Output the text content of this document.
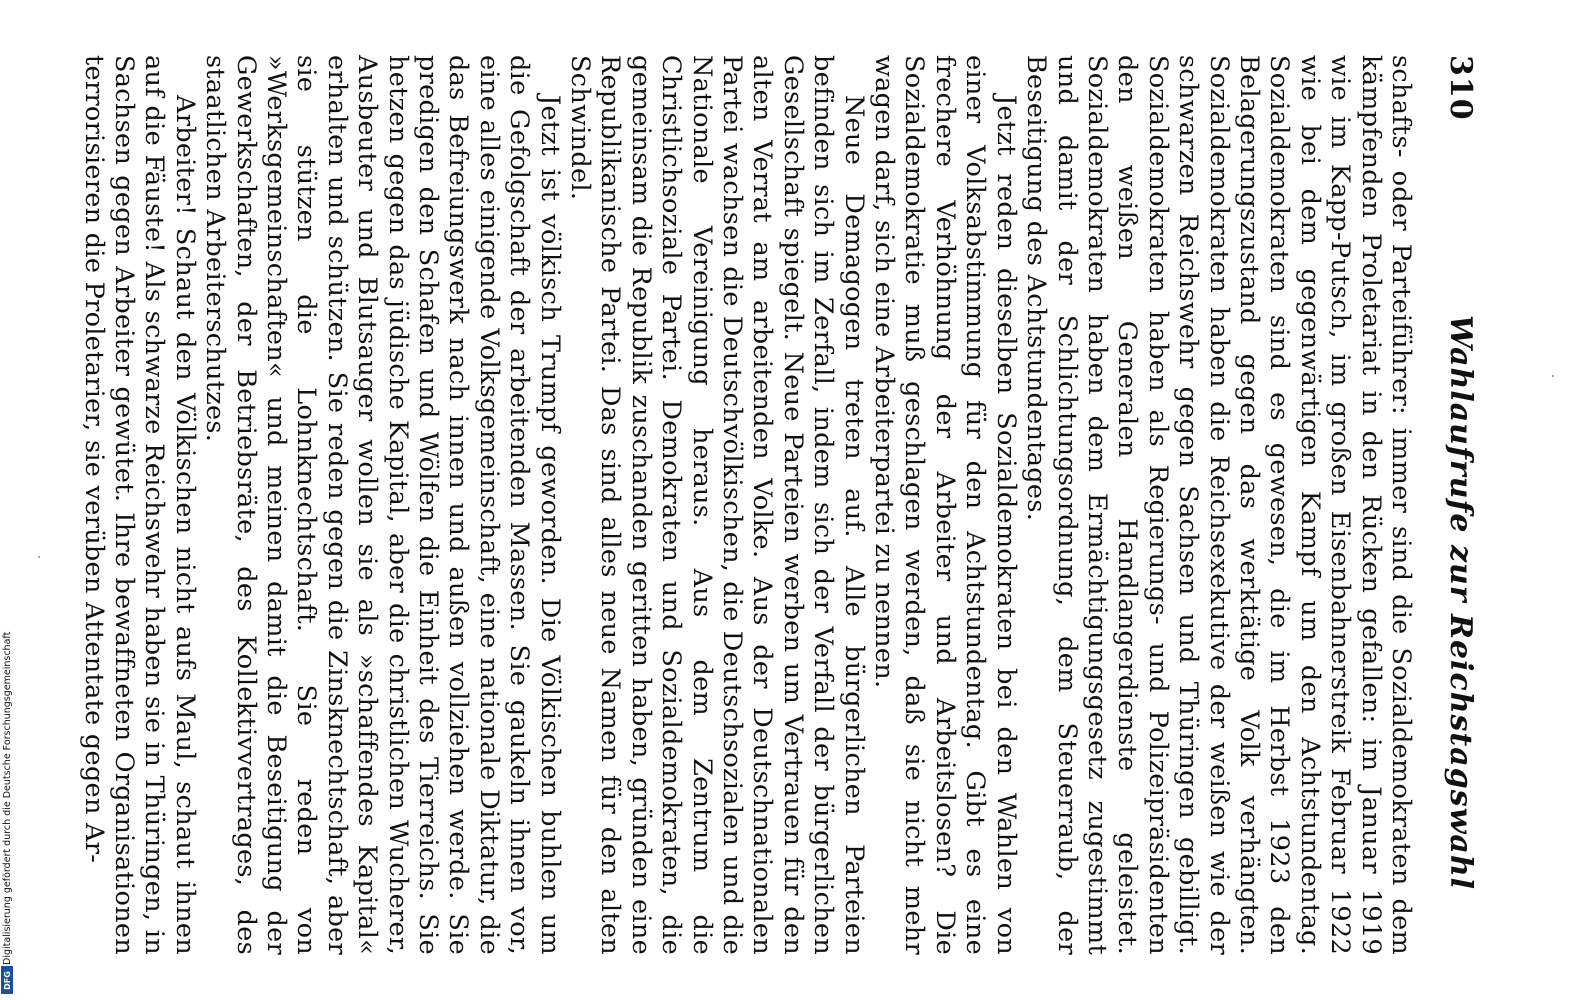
310
Wahlaufrufe zur Reichstagswahl

schafts- oder Parteiführer: immer sind die Sozialdemokraten dem kämpfenden Proletariat in den Rücken gefallen: im Januar 1919 wie im Kapp-Putsch, im großen Eisenbahnerstreik Februar 1922 wie bei dem gegenwärtigen Kampf um den Achtstundentag. Sozialdemokraten sind es gewesen, die im Herbst 1923 den Belagerungszustand gegen das werktätige Volk verhängten. Sozialdemokraten haben die Reichsexekutive der weißen wie der schwarzen Reichswehr gegen Sachsen und Thüringen gebilligt. Sozialdemokraten haben als Regierungs- und Polizeipräsidenten den weißen Generalen Handlangerdienste geleistet. Sozialdemokraten haben dem Ermächtigungsgesetz zugestimmt und damit der Schlichtungsordnung, dem Steuerraub, der Beseitigung des Achtstundentages.

Jetzt reden dieselben Sozialdemokraten bei den Wahlen von einer Volksabstimmung für den Achtstundentag. Gibt es eine frechere Verhöhnung der Arbeiter und Arbeitslosen? Die Sozialdemokratie muß geschlagen werden, daß sie nicht mehr wagen darf, sich eine Arbeiterpartei zu nennen.

Neue Demagogen treten auf. Alle bürgerlichen Parteien befinden sich im Zerfall, indem sich der Verfall der bürgerlichen Gesellschaft spiegelt. Neue Parteien werben um Vertrauen für den alten Verrat am arbeitenden Volke. Aus der Deutschnationalen Partei wachsen die Deutschvölkischen, die Deutschsozialen und die Nationale Vereinigung heraus. Aus dem Zentrum die Christlichsoziale Partei. Demokraten und Sozialdemokraten, die gemeinsam die Republik zuschanden geritten haben, gründen eine Republikanische Partei. Das sind alles neue Namen für den alten Schwindel.

Jetzt ist völkisch Trumpf geworden. Die Völkischen buhlen um die Gefolgschaft der arbeitenden Massen. Sie gaukeln ihnen vor, eine alles einigende Volksgemeinschaft, eine nationale Diktatur, die das Befreiungswerk nach innen und außen vollziehen werde. Sie predigen den Schafen und Wölfen die Einheit des Tierreichs. Sie hetzen gegen das jüdische Kapital, aber die christlichen Wucherer, Ausbeuter und Blutsauger wollen sie als »schaffendes Kapital« erhalten und schützen. Sie reden gegen die Zinsknechtschaft, aber sie stützen die Lohnknechtschaft. Sie reden von »Werksgemeinschaften« und meinen damit die Beseitigung der Gewerkschaften, der Betriebsräte, des Kollektivvertrages, des staatlichen Arbeiterschutzes.

Arbeiter! Schaut den Völkischen nicht aufs Maul, schaut ihnen auf die Fäuste! Als schwarze Reichswehr haben sie in Thüringen, in Sachsen gegen Arbeiter gewütet. Ihre bewaffneten Organisationen terrorisieren die Proletarier, sie verüben Attentate gegen Ar-

Digitalisierung gefördert durch die Deutsche Forschungsgemeinschaft
DFG
